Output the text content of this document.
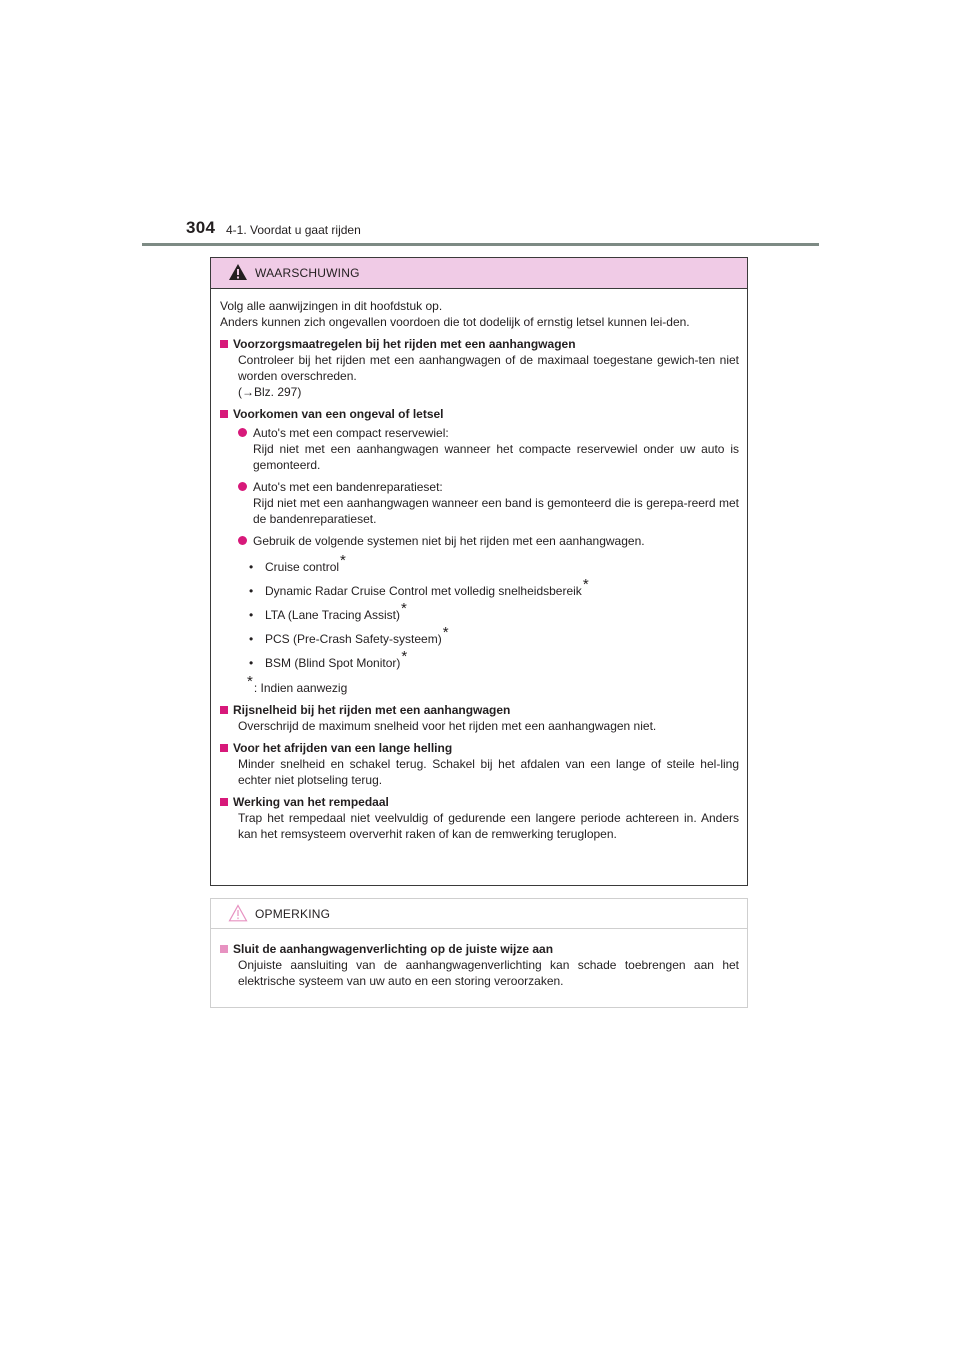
304 4-1. Voordat u gaat rijden
WAARSCHUWING

Volg alle aanwijzingen in dit hoofdstuk op.

Anders kunnen zich ongevallen voordoen die tot dodelijk of ernstig letsel kunnen lei-den.

Voorzorgsmaatregelen bij het rijden met een aanhangwagen
Controleer bij het rijden met een aanhangwagen of de maximaal toegestane gewich-ten niet worden overschreden.
(→Blz. 297)
Voorkomen van een ongeval of letsel
Auto's met een compact reservewiel:
Rijd niet met een aanhangwagen wanneer het compacte reservewiel onder uw auto is gemonteerd.
Auto's met een bandenreparatieset:
Rijd niet met een aanhangwagen wanneer een band is gemonteerd die is gerepa-reerd met de bandenreparatieset.
Gebruik de volgende systemen niet bij het rijden met een aanhangwagen.
• Cruise control*
• Dynamic Radar Cruise Control met volledig snelheidsbereik*
• LTA (Lane Tracing Assist)*
• PCS (Pre-Crash Safety-systeem)*
• BSM (Blind Spot Monitor)*
*: Indien aanwezig
Rijsnelheid bij het rijden met een aanhangwagen
Overschrijd de maximum snelheid voor het rijden met een aanhangwagen niet.
Voor het afrijden van een lange helling
Minder snelheid en schakel terug. Schakel bij het afdalen van een lange of steile hel-ling echter niet plotseling terug.
Werking van het rempedaal
Trap het rempedaal niet veelvuldig of gedurende een langere periode achtereen in. Anders kan het remsysteem oververhit raken of kan de remwerking teruglopen.
OPMERKING
Sluit de aanhangwagenverlichting op de juiste wijze aan
Onjuiste aansluiting van de aanhangwagenverlichting kan schade toebrengen aan het elektrische systeem van uw auto en een storing veroorzaken.
